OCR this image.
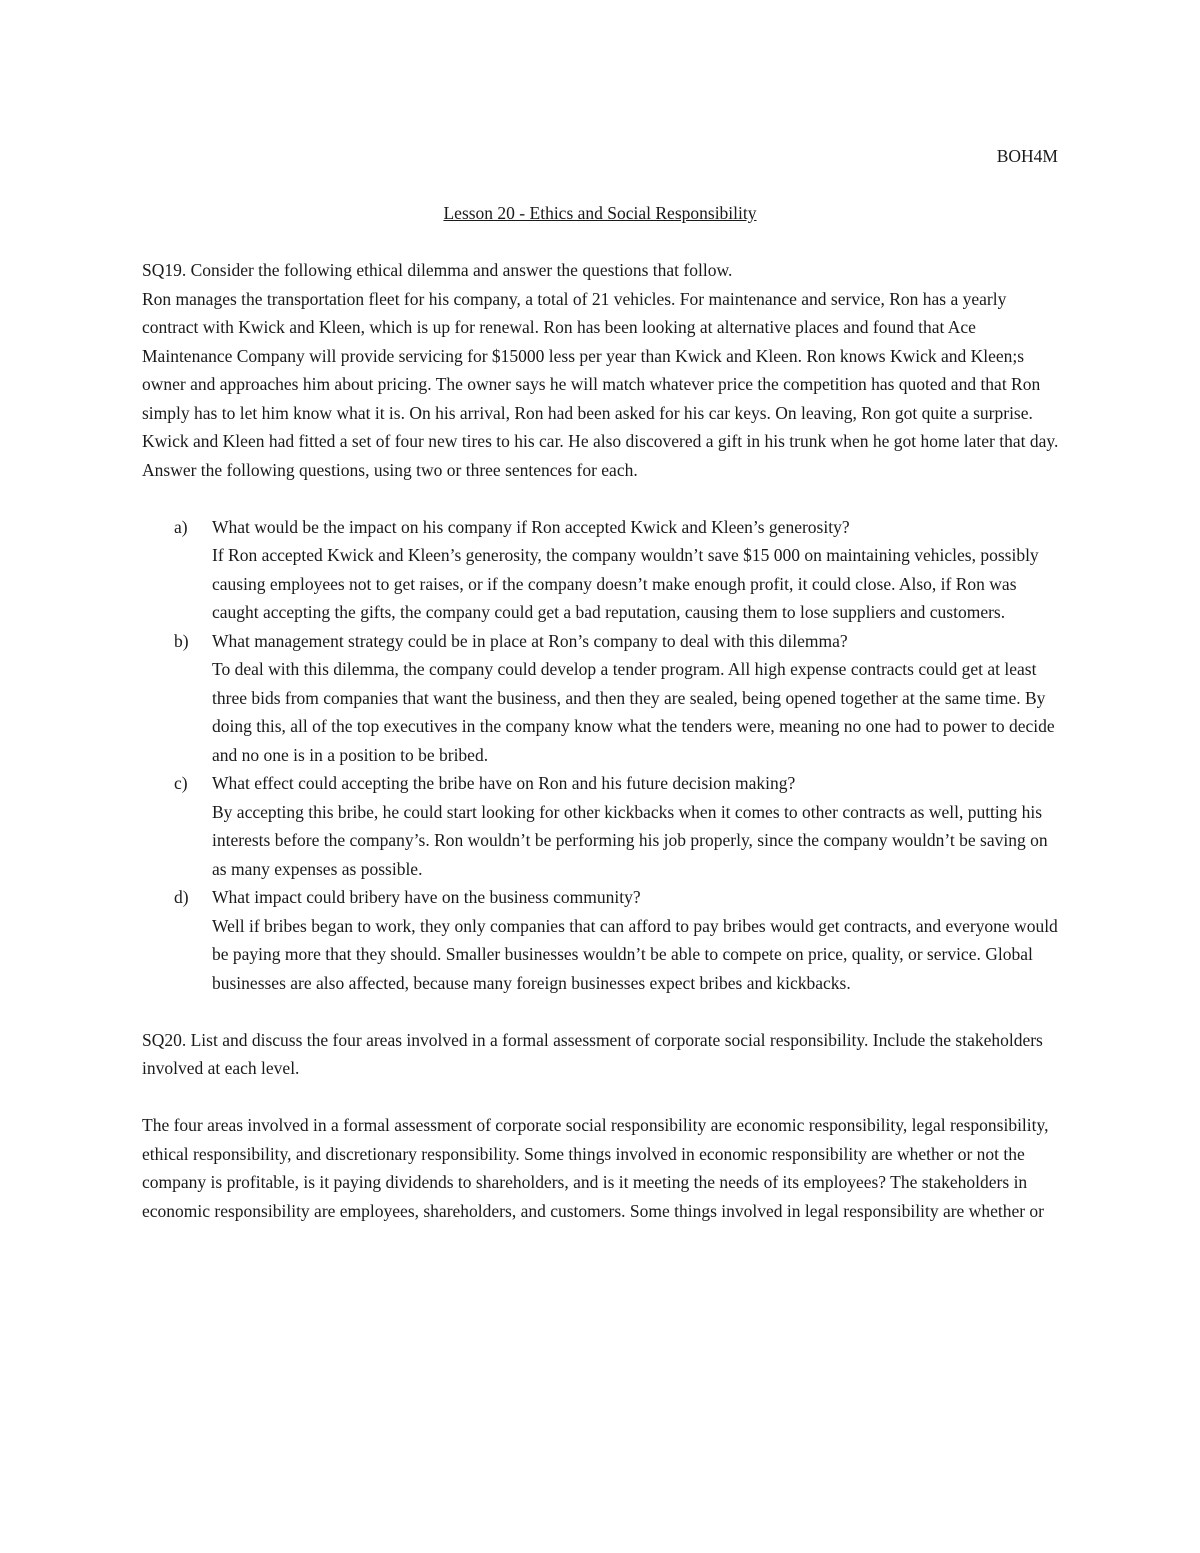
BOH4M

Lesson 20 - Ethics and Social Responsibility

SQ19. Consider the following ethical dilemma and answer the questions that follow.

Ron manages the transportation fleet for his company, a total of 21 vehicles. For maintenance and service, Ron has a yearly contract with Kwick and Kleen, which is up for renewal. Ron has been looking at alternative places and found that Ace Maintenance Company will provide servicing for $15000 less per year than Kwick and Kleen. Ron knows Kwick and Kleen;s owner and approaches him about pricing. The owner says he will match whatever price the competition has quoted and that Ron simply has to let him know what it is. On his arrival, Ron had been asked for his car keys. On leaving, Ron got quite a surprise. Kwick and Kleen had fitted a set of four new tires to his car. He also discovered a gift in his trunk when he got home later that day.

Answer the following questions, using two or three sentences for each.

a) What would be the impact on his company if Ron accepted Kwick and Kleen’s generosity?
If Ron accepted Kwick and Kleen’s generosity, the company wouldn’t save $15 000 on maintaining vehicles, possibly causing employees not to get raises, or if the company doesn’t make enough profit, it could close. Also, if Ron was caught accepting the gifts, the company could get a bad reputation, causing them to lose suppliers and customers.
b) What management strategy could be in place at Ron’s company to deal with this dilemma?
To deal with this dilemma, the company could develop a tender program. All high expense contracts could get at least three bids from companies that want the business, and then they are sealed, being opened together at the same time. By doing this, all of the top executives in the company know what the tenders were, meaning no one had to power to decide and no one is in a position to be bribed.
c) What effect could accepting the bribe have on Ron and his future decision making?
By accepting this bribe, he could start looking for other kickbacks when it comes to other contracts as well, putting his interests before the company’s. Ron wouldn’t be performing his job properly, since the company wouldn’t be saving on as many expenses as possible.
d) What impact could bribery have on the business community?
Well if bribes began to work, they only companies that can afford to pay bribes would get contracts, and everyone would be paying more that they should. Smaller businesses wouldn’t be able to compete on price, quality, or service. Global businesses are also affected, because many foreign businesses expect bribes and kickbacks.

SQ20. List and discuss the four areas involved in a formal assessment of corporate social responsibility. Include the stakeholders involved at each level.

The four areas involved in a formal assessment of corporate social responsibility are economic responsibility, legal responsibility, ethical responsibility, and discretionary responsibility. Some things involved in economic responsibility are whether or not the company is profitable, is it paying dividends to shareholders, and is it meeting the needs of its employees? The stakeholders in economic responsibility are employees, shareholders, and customers. Some things involved in legal responsibility are whether or
